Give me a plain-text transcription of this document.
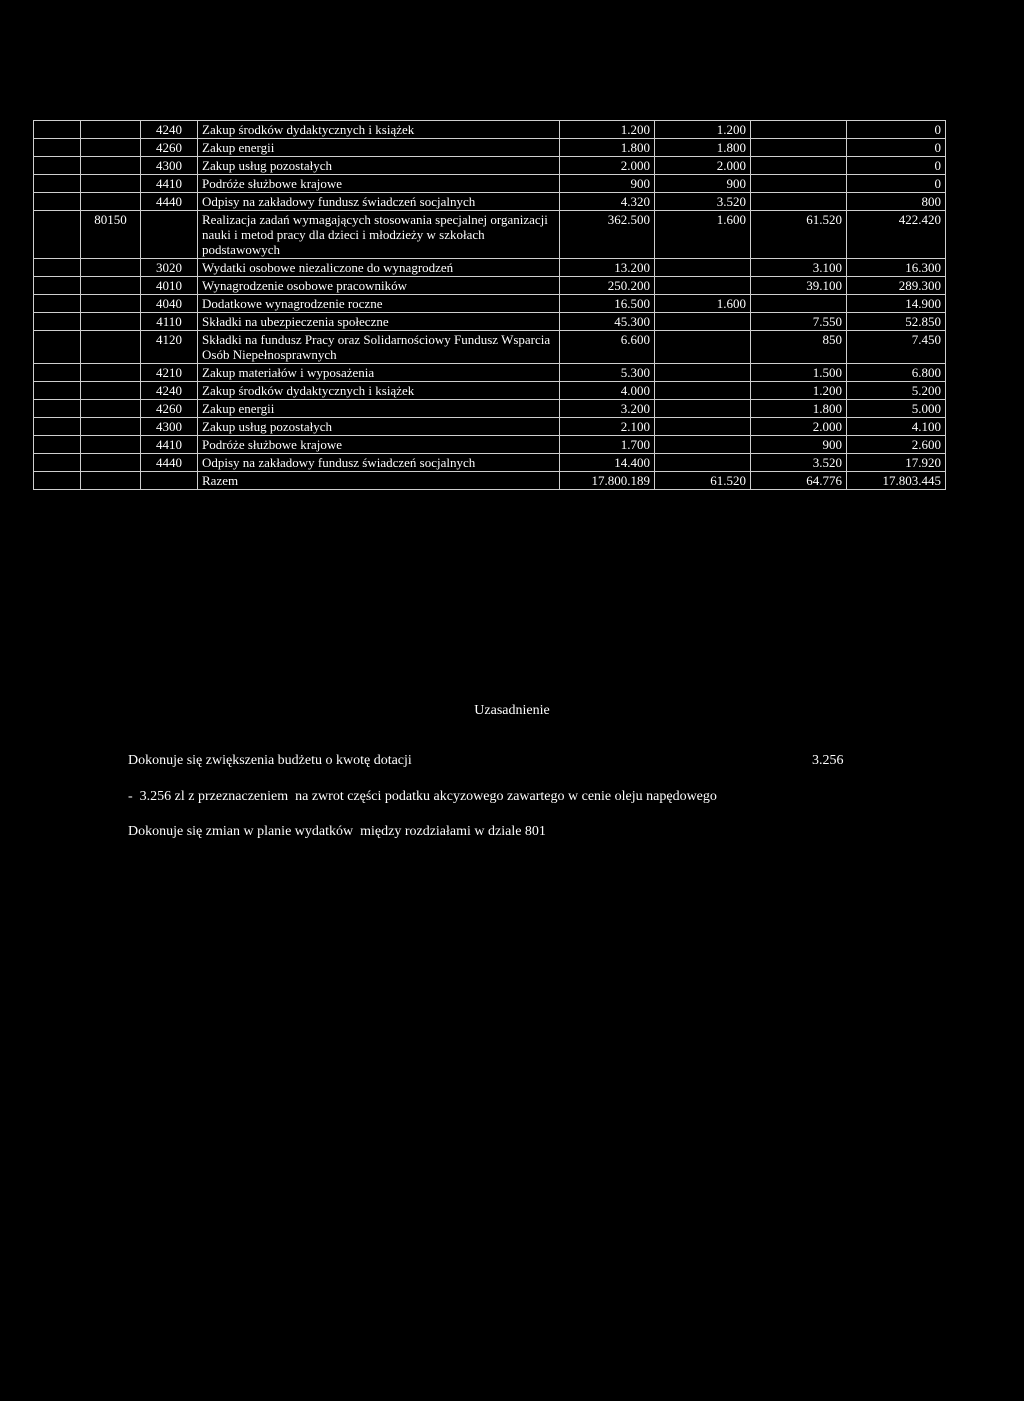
		4240	Zakup środków dydaktycznych i książek	1.200	1.200		0
		4260	Zakup energii	1.800	1.800		0
		4300	Zakup usług pozostałych	2.000	2.000		0
		4410	Podróże służbowe krajowe	900	900		0
		4440	Odpisy na zakładowy fundusz świadczeń socjalnych	4.320	3.520		800
	80150		Realizacja zadań wymagających stosowania specjalnej organizacji nauki i metod pracy dla dzieci i młodzieży w szkołach podstawowych	362.500	1.600	61.520	422.420
		3020	Wydatki osobowe niezaliczone do wynagrodzeń	13.200		3.100	16.300
		4010	Wynagrodzenie osobowe pracowników	250.200		39.100	289.300
		4040	Dodatkowe wynagrodzenie roczne	16.500	1.600		14.900
		4110	Składki na ubezpieczenia społeczne	45.300		7.550	52.850
		4120	Składki na fundusz Pracy oraz Solidarnościowy Fundusz Wsparcia Osób Niepełnosprawnych	6.600		850	7.450
		4210	Zakup materiałów i wyposażenia	5.300		1.500	6.800
		4240	Zakup środków dydaktycznych i książek	4.000		1.200	5.200
		4260	Zakup energii	3.200		1.800	5.000
		4300	Zakup usług pozostałych	2.100		2.000	4.100
		4410	Podróże służbowe krajowe	1.700		900	2.600
		4440	Odpisy na zakładowy fundusz świadczeń socjalnych	14.400		3.520	17.920
			Razem	17.800.189	61.520	64.776	17.803.445
Uzasadnienie
Dokonuje się zwiększenia budżetu o kwotę dotacji	3.256
-  3.256 zl z przeznaczeniem  na zwrot części podatku akcyzowego zawartego w cenie oleju napędowego
Dokonuje się zmian w planie wydatków  między rozdziałami w dziale 801
